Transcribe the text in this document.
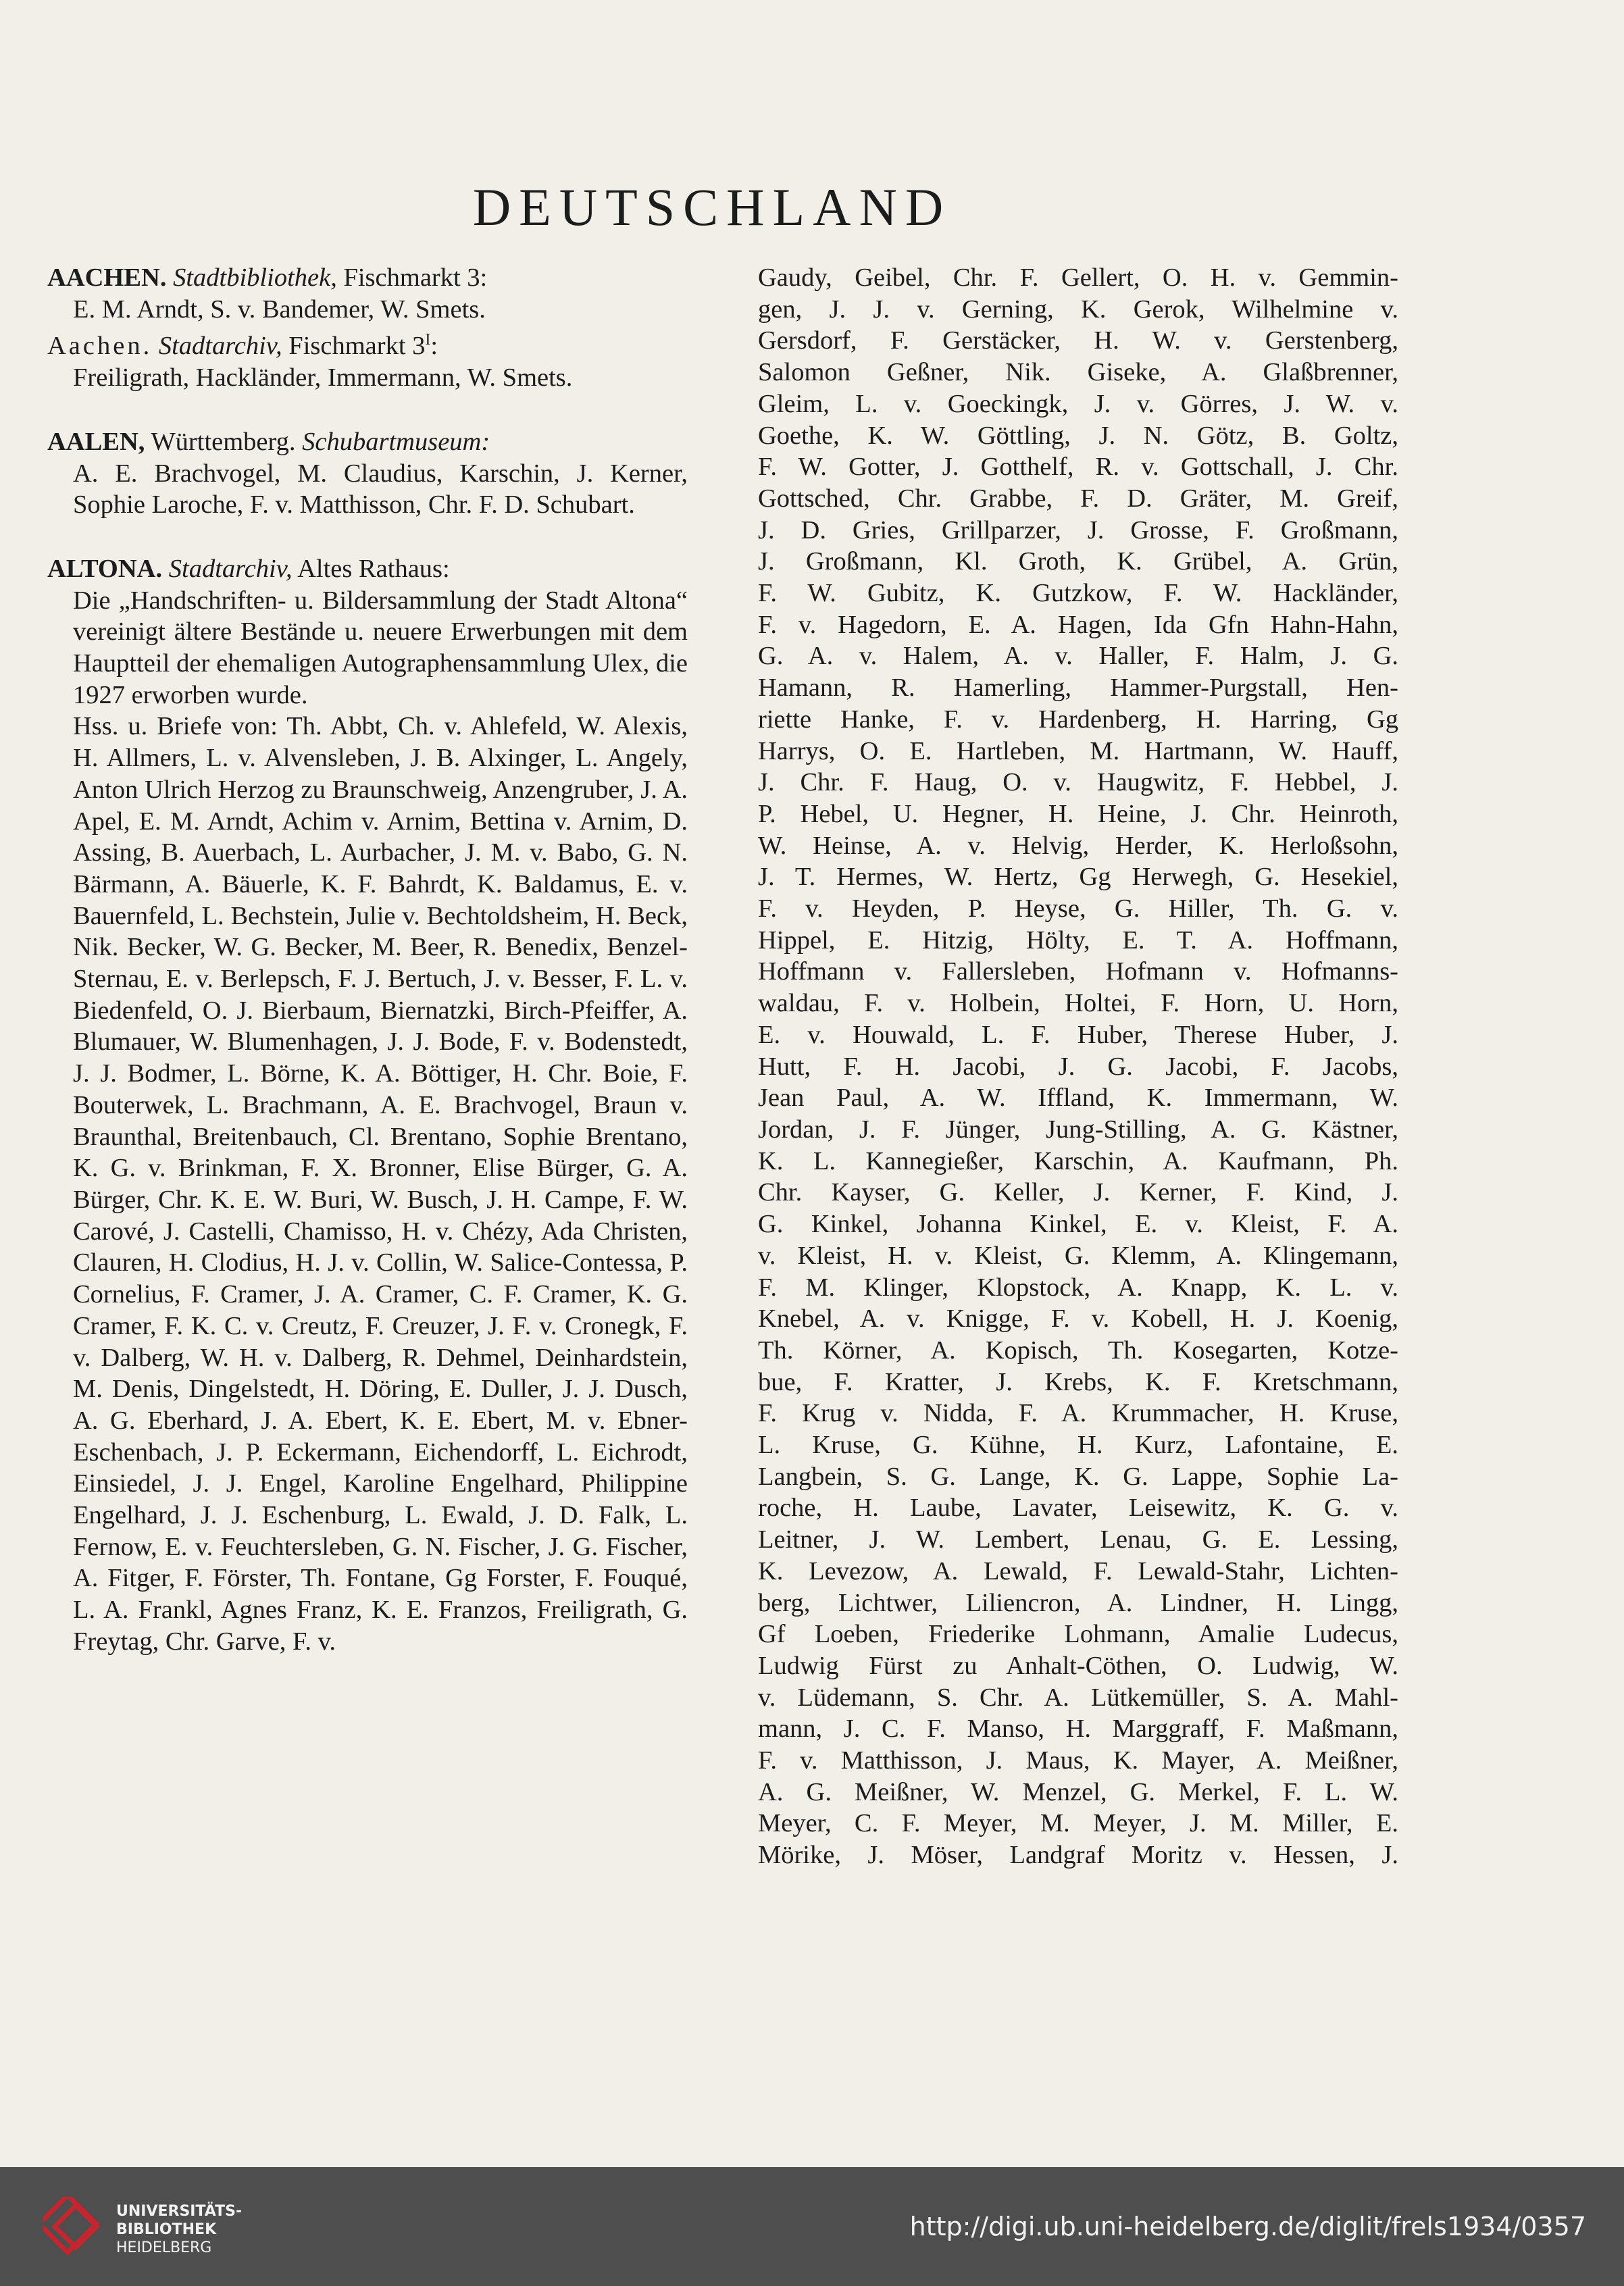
DEUTSCHLAND

AACHEN. Stadtbibliothek, Fischmarkt 3:

E. M. Arndt, S. v. Bandemer, W. Smets.

Aachen. Stadtarchiv, Fischmarkt $3^I$:

Freiligrath, Hackländer, Immermann, W. Smets.

AALEN, Württemberg. Schubartmuseum:

A. E. Brachvogel, M. Claudius, Karschin, J. Kerner, Sophie Laroche, F. v. Matthisson, Chr. F. D. Schubart.

ALTONA. Stadtarchiv, Altes Rathaus:

Die „Handschriften- u. Bildersammlung der Stadt Altona“ vereinigt ältere Bestände u. neuere Erwerbungen mit dem Hauptteil der ehemaligen Autographensammlung Ulex, die 1927 erworben wurde.

Hss. u. Briefe von: Th. Abbt, Ch. v. Ahlefeld, W. Alexis, H. Allmers, L. v. Alvensleben, J. B. Alxinger, L. Angely, Anton Ulrich Herzog zu Braunschweig, Anzengruber, J. A. Apel, E. M. Arndt, Achim v. Arnim, Bettina v. Arnim, D. Assing, B. Auerbach, L. Aurbacher, J. M. v. Babo, G. N. Bärmann, A. Bäuerle, K. F. Bahrdt, K. Baldamus, E. v. Bauernfeld, L. Bechstein, Julie v. Bechtoldsheim, H. Beck, Nik. Becker, W. G. Becker, M. Beer, R. Benedix, Benzel-Sternau, E. v. Berlepsch, F. J. Bertuch, J. v. Besser, F. L. v. Biedenfeld, O. J. Bierbaum, Biernatzki, Birch-Pfeiffer, A. Blumauer, W. Blumenhagen, J. J. Bode, F. v. Bodenstedt, J. J. Bodmer, L. Börne, K. A. Böttiger, H. Chr. Boie, F. Bouterwek, L. Brachmann, A. E. Brachvogel, Braun v. Braunthal, Breitenbauch, Cl. Brentano, Sophie Brentano, K. G. v. Brinkman, F. X. Bronner, Elise Bürger, G. A. Bürger, Chr. K. E. W. Buri, W. Busch, J. H. Campe, F. W. Carové, J. Castelli, Chamisso, H. v. Chézy, Ada Christen, Clauren, H. Clodius, H. J. v. Collin, W. Salice-Contessa, P. Cornelius, F. Cramer, J. A. Cramer, C. F. Cramer, K. G. Cramer, F. K. C. v. Creutz, F. Creuzer, J. F. v. Cronegk, F. v. Dalberg, W. H. v. Dalberg, R. Dehmel, Deinhardstein, M. Denis, Dingelstedt, H. Döring, E. Duller, J. J. Dusch, A. G. Eberhard, J. A. Ebert, K. E. Ebert, M. v. Ebner-Eschenbach, J. P. Eckermann, Eichendorff, L. Eichrodt, Einsiedel, J. J. Engel, Karoline Engelhard, Philippine Engelhard, J. J. Eschenburg, L. Ewald, J. D. Falk, L. Fernow, E. v. Feuchtersleben, G. N. Fischer, J. G. Fischer, A. Fitger, F. Förster, Th. Fontane, Gg Forster, F. Fouqué, L. A. Frankl, Agnes Franz, K. E. Franzos, Freiligrath, G. Freytag, Chr. Garve, F. v.

Gaudy, Geibel, Chr. F. Gellert, O. H. v. Gemmin-

gen, J. J. v. Gerning, K. Gerok, Wilhelmine v.

Gersdorf, F. Gerstäcker, H. W. v. Gerstenberg,

Salomon Geßner, Nik. Giseke, A. Glaßbrenner,

Gleim, L. v. Goeckingk, J. v. Görres, J. W. v.

Goethe, K. W. Göttling, J. N. Götz, B. Goltz,

F. W. Gotter, J. Gotthelf, R. v. Gottschall, J. Chr.

Gottsched, Chr. Grabbe, F. D. Gräter, M. Greif,

J. D. Gries, Grillparzer, J. Grosse, F. Großmann,

J. Großmann, Kl. Groth, K. Grübel, A. Grün,

F. W. Gubitz, K. Gutzkow, F. W. Hackländer,

F. v. Hagedorn, E. A. Hagen, Ida Gfn Hahn-Hahn,

G. A. v. Halem, A. v. Haller, F. Halm, J. G.

Hamann, R. Hamerling, Hammer-Purgstall, Hen-

riette Hanke, F. v. Hardenberg, H. Harring, Gg

Harrys, O. E. Hartleben, M. Hartmann, W. Hauff,

J. Chr. F. Haug, O. v. Haugwitz, F. Hebbel, J.

P. Hebel, U. Hegner, H. Heine, J. Chr. Heinroth,

W. Heinse, A. v. Helvig, Herder, K. Herloßsohn,

J. T. Hermes, W. Hertz, Gg Herwegh, G. Hesekiel,

F. v. Heyden, P. Heyse, G. Hiller, Th. G. v.

Hippel, E. Hitzig, Hölty, E. T. A. Hoffmann,

Hoffmann v. Fallersleben, Hofmann v. Hofmanns-

waldau, F. v. Holbein, Holtei, F. Horn, U. Horn,

E. v. Houwald, L. F. Huber, Therese Huber, J.

Hutt, F. H. Jacobi, J. G. Jacobi, F. Jacobs,

Jean Paul, A. W. Iffland, K. Immermann, W.

Jordan, J. F. Jünger, Jung-Stilling, A. G. Kästner,

K. L. Kannegießer, Karschin, A. Kaufmann, Ph.

Chr. Kayser, G. Keller, J. Kerner, F. Kind, J.

G. Kinkel, Johanna Kinkel, E. v. Kleist, F. A.

v. Kleist, H. v. Kleist, G. Klemm, A. Klingemann,

F. M. Klinger, Klopstock, A. Knapp, K. L. v.

Knebel, A. v. Knigge, F. v. Kobell, H. J. Koenig,

Th. Körner, A. Kopisch, Th. Kosegarten, Kotze-

bue, F. Kratter, J. Krebs, K. F. Kretschmann,

F. Krug v. Nidda, F. A. Krummacher, H. Kruse,

L. Kruse, G. Kühne, H. Kurz, Lafontaine, E.

Langbein, S. G. Lange, K. G. Lappe, Sophie La-

roche, H. Laube, Lavater, Leisewitz, K. G. v.

Leitner, J. W. Lembert, Lenau, G. E. Lessing,

K. Levezow, A. Lewald, F. Lewald-Stahr, Lichten-

berg, Lichtwer, Liliencron, A. Lindner, H. Lingg,

Gf Loeben, Friederike Lohmann, Amalie Ludecus,

Ludwig Fürst zu Anhalt-Cöthen, O. Ludwig, W.

v. Lüdemann, S. Chr. A. Lütkemüller, S. A. Mahl-

mann, J. C. F. Manso, H. Marggraff, F. Maßmann,

F. v. Matthisson, J. Maus, K. Mayer, A. Meißner,

A. G. Meißner, W. Menzel, G. Merkel, F. L. W.

Meyer, C. F. Meyer, M. Meyer, J. M. Miller, E.

Mörike, J. Möser, Landgraf Moritz v. Hessen, J.

UNIVERSITÄTS-
BIBLIOTHEK
HEIDELBERG
http://digi.ub.uni-heidelberg.de/diglit/frels1934/0357
